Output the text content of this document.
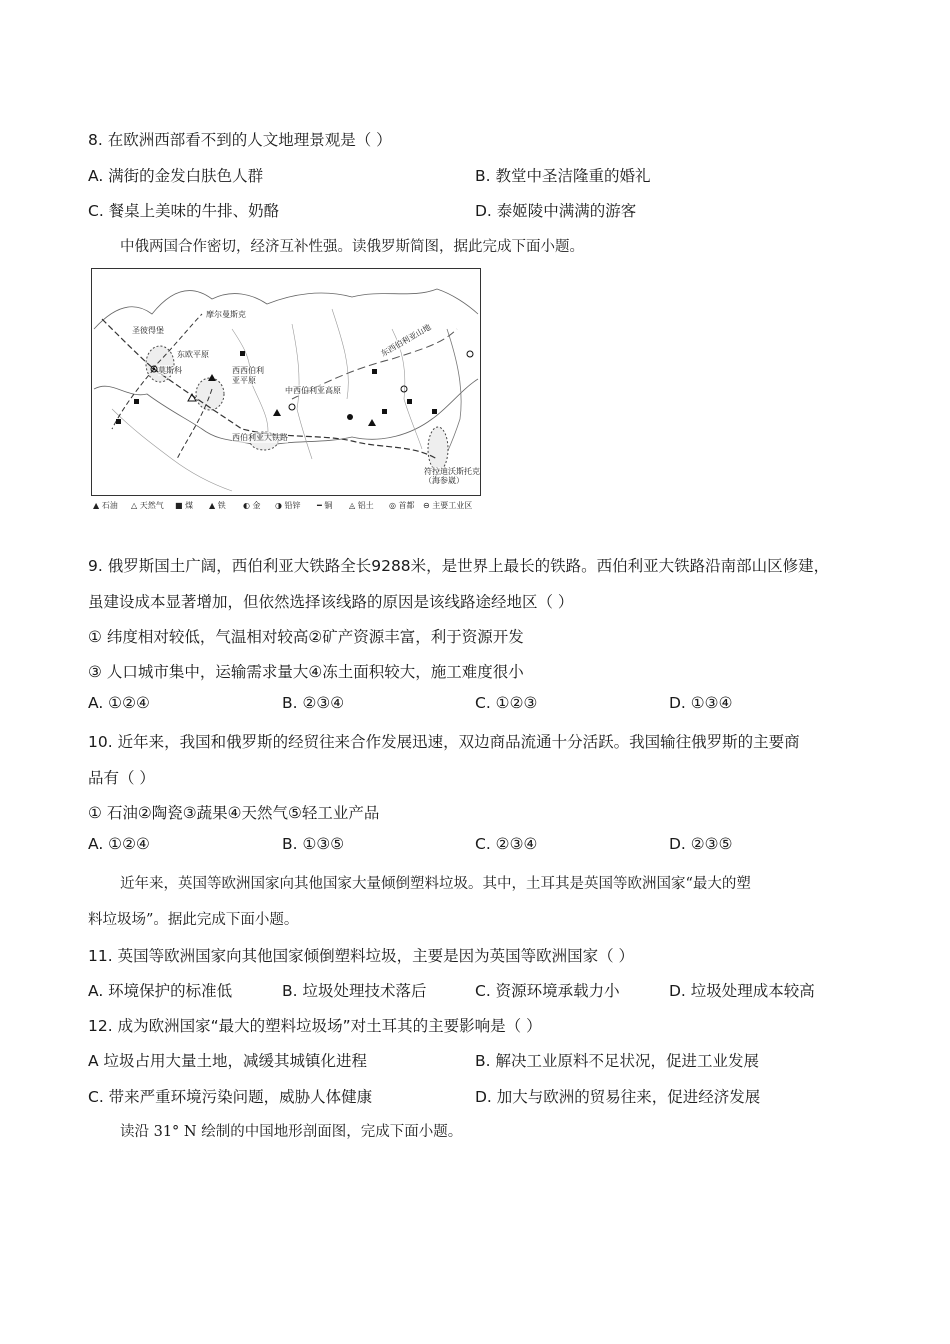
8. 在欧洲西部看不到的人文地理景观是（ ）
A. 满街的金发白肤色人群	B. 教堂中圣洁隆重的婚礼
C. 餐桌上美味的牛排、奶酪	D. 泰姬陵中满满的游客
中俄两国合作密切，经济互补性强。读俄罗斯简图，据此完成下面小题。
摩尔曼斯克
圣彼得堡
东欧平原
莫斯科	西西伯利亚平原
中西伯利亚高原
东西伯利亚山地
西伯利亚大铁路
符拉迪沃斯托克（海参崴）
▲ 石油 △ 天然气 ■ 煤 ▲ 铁 ◐ 金 ◑ 铅锌 ━ 铜 ◬ 铝土 ◎ 首都 ⊖ 主要工业区
9. 俄罗斯国土广阔，西伯利亚大铁路全长9288米，是世界上最长的铁路。西伯利亚大铁路沿南部山区修建，
虽建设成本显著增加，但依然选择该线路的原因是该线路途经地区（ ）
① 纬度相对较低，气温相对较高②矿产资源丰富，利于资源开发
③ 人口城市集中，运输需求量大④冻土面积较大，施工难度很小
A. ①②④	B. ②③④	C. ①②③	D. ①③④
10. 近年来，我国和俄罗斯的经贸往来合作发展迅速，双边商品流通十分活跃。我国输往俄罗斯的主要商
品有（ ）
① 石油②陶瓷③蔬果④天然气⑤轻工业产品
A. ①②④	B. ①③⑤	C. ②③④	D. ②③⑤
近年来，英国等欧洲国家向其他国家大量倾倒塑料垃圾。其中，土耳其是英国等欧洲国家“最大的塑
料垃圾场”。据此完成下面小题。
11. 英国等欧洲国家向其他国家倾倒塑料垃圾，主要是因为英国等欧洲国家（ ）
A. 环境保护的标准低	B. 垃圾处理技术落后	C. 资源环境承载力小	D. 垃圾处理成本较高
12. 成为欧洲国家“最大的塑料垃圾场”对土耳其的主要影响是（ ）
A 垃圾占用大量土地，减缓其城镇化进程	B. 解决工业原料不足状况，促进工业发展
C. 带来严重环境污染问题，威胁人体健康	D. 加大与欧洲的贸易往来，促进经济发展
读沿 31° N 绘制的中国地形剖面图，完成下面小题。
